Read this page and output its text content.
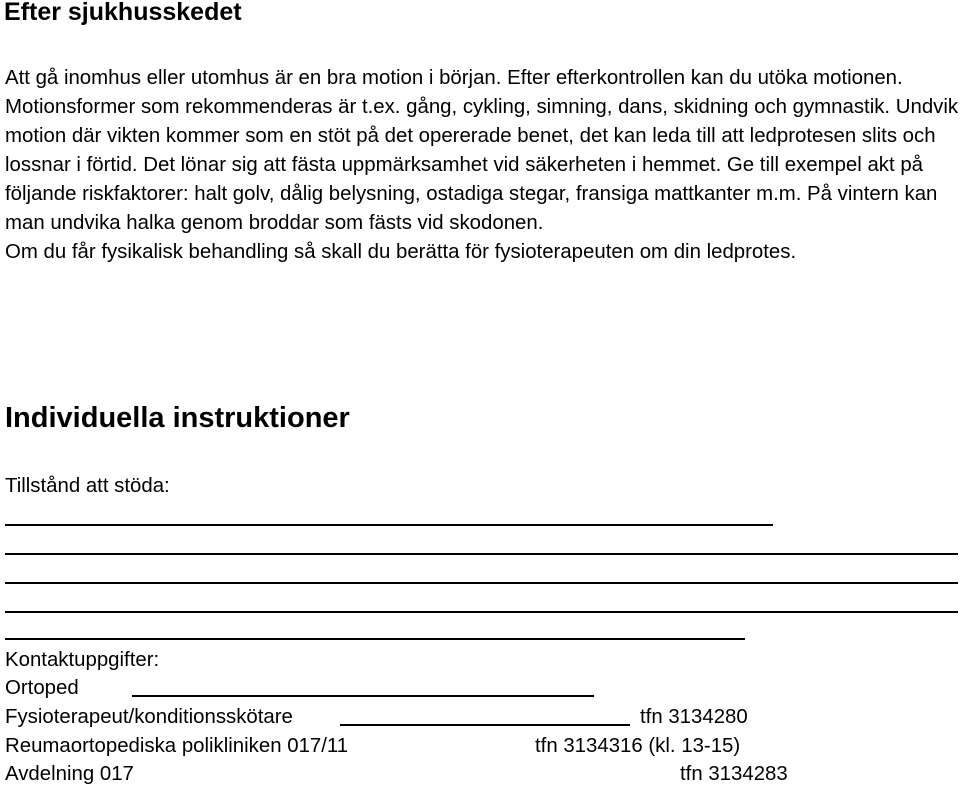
Efter sjukhusskedet

Att gå inomhus eller utomhus är en bra motion i början. Efter efterkontrollen kan du utöka motionen. Motionsformer som rekommenderas är t.ex. gång, cykling, simning, dans, skidning och gymnastik. Undvik motion där vikten kommer som en stöt på det opererade benet, det kan leda till att ledprotesen slits och lossnar i förtid. Det lönar sig att fästa uppmärksamhet vid säkerheten i hemmet. Ge till exempel akt på följande riskfaktorer: halt golv, dålig belysning, ostadiga stegar, fransiga mattkanter m.m. På vintern kan man undvika halka genom broddar som fästs vid skodonen.

Om du får fysikalisk behandling så skall du berätta för fysioterapeuten om din ledprotes.

Individuella instruktioner
Tillstånd att stöda:
Kontaktuppgifter:
Ortoped
Fysioterapeut/konditionsskötare	tfn 3134280
Reumaortopediska polikliniken 017/11	tfn 3134316 (kl. 13-15)
Avdelning 017	tfn 3134283
